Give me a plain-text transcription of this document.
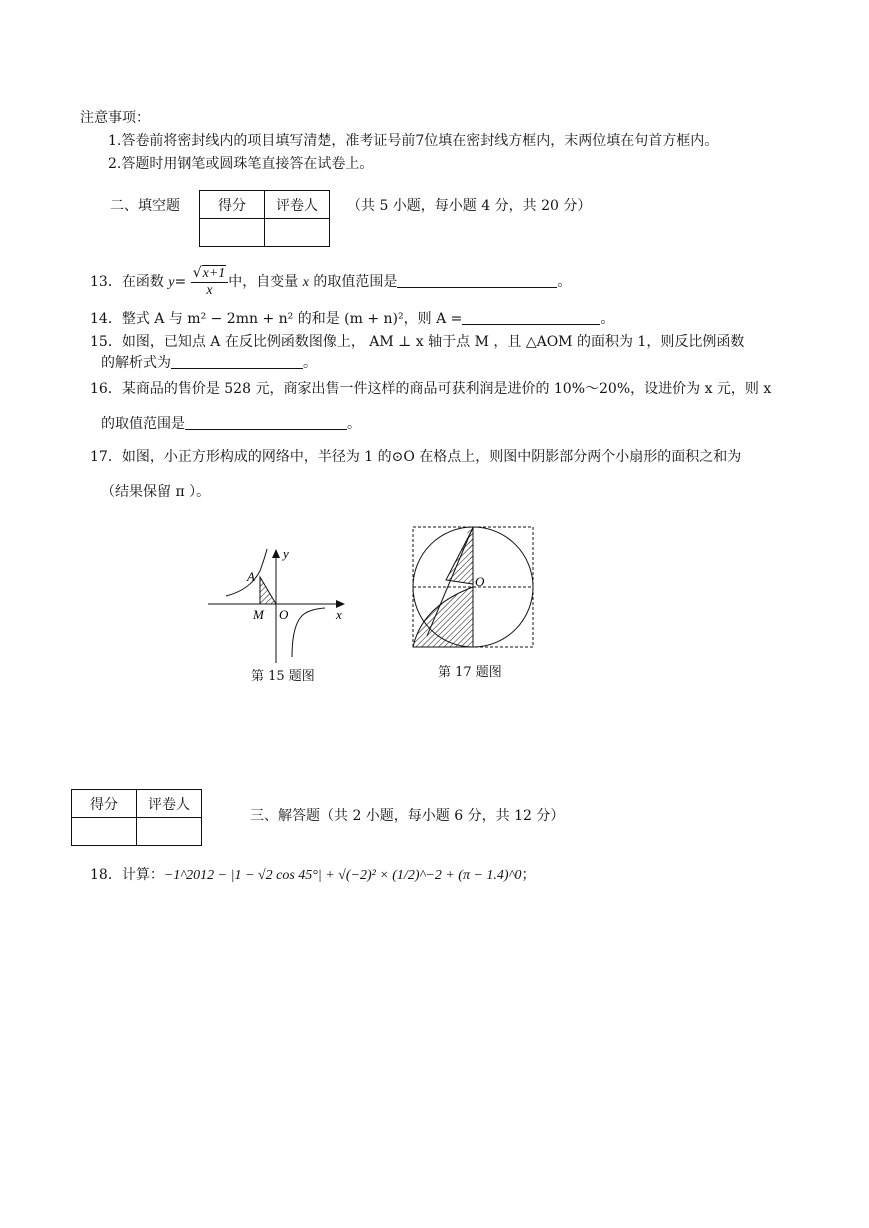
注意事项：
1.答卷前将密封线内的项目填写清楚，准考证号前7位填在密封线方框内，末两位填在句首方框内。
2.答题时用钢笔或圆珠笔直接答在试卷上。
二、填空题	得分	评卷人
	（共 5 小题，每小题 4 分，共 20 分）
13．在函数 $y= \frac{√x+1}{x}$ 中，自变量 x 的取值范围是	。
14．整式 A 与 m² − 2mn + n² 的和是 (m + n)²，则 A =	。
15．如图，已知点 A 在反比例函数图像上， AM ⊥ x 轴于点 M ，且 △AOM 的面积为 1，则反比例函数
的解析式为	。
16．某商品的售价是 528 元，商家出售一件这样的商品可获利润是进价的 10%～20%，设进价为 x 元，则 x
的取值范围是	。
17．如图，小正方形构成的网络中，半径为 1 的⊙O 在格点上，则图中阴影部分两个小扇形的面积之和为
（结果保留 π ）。
A
M O	x
y
第 15 题图
O
第 17 题图
得分	评卷人

三、解答题（共 2 小题，每小题 6 分，共 12 分）
18．计算：−1^2012 − |1 − √2 cos 45°| + √(−2)² × (1/2)^−2 + (π − 1.4)^0；
